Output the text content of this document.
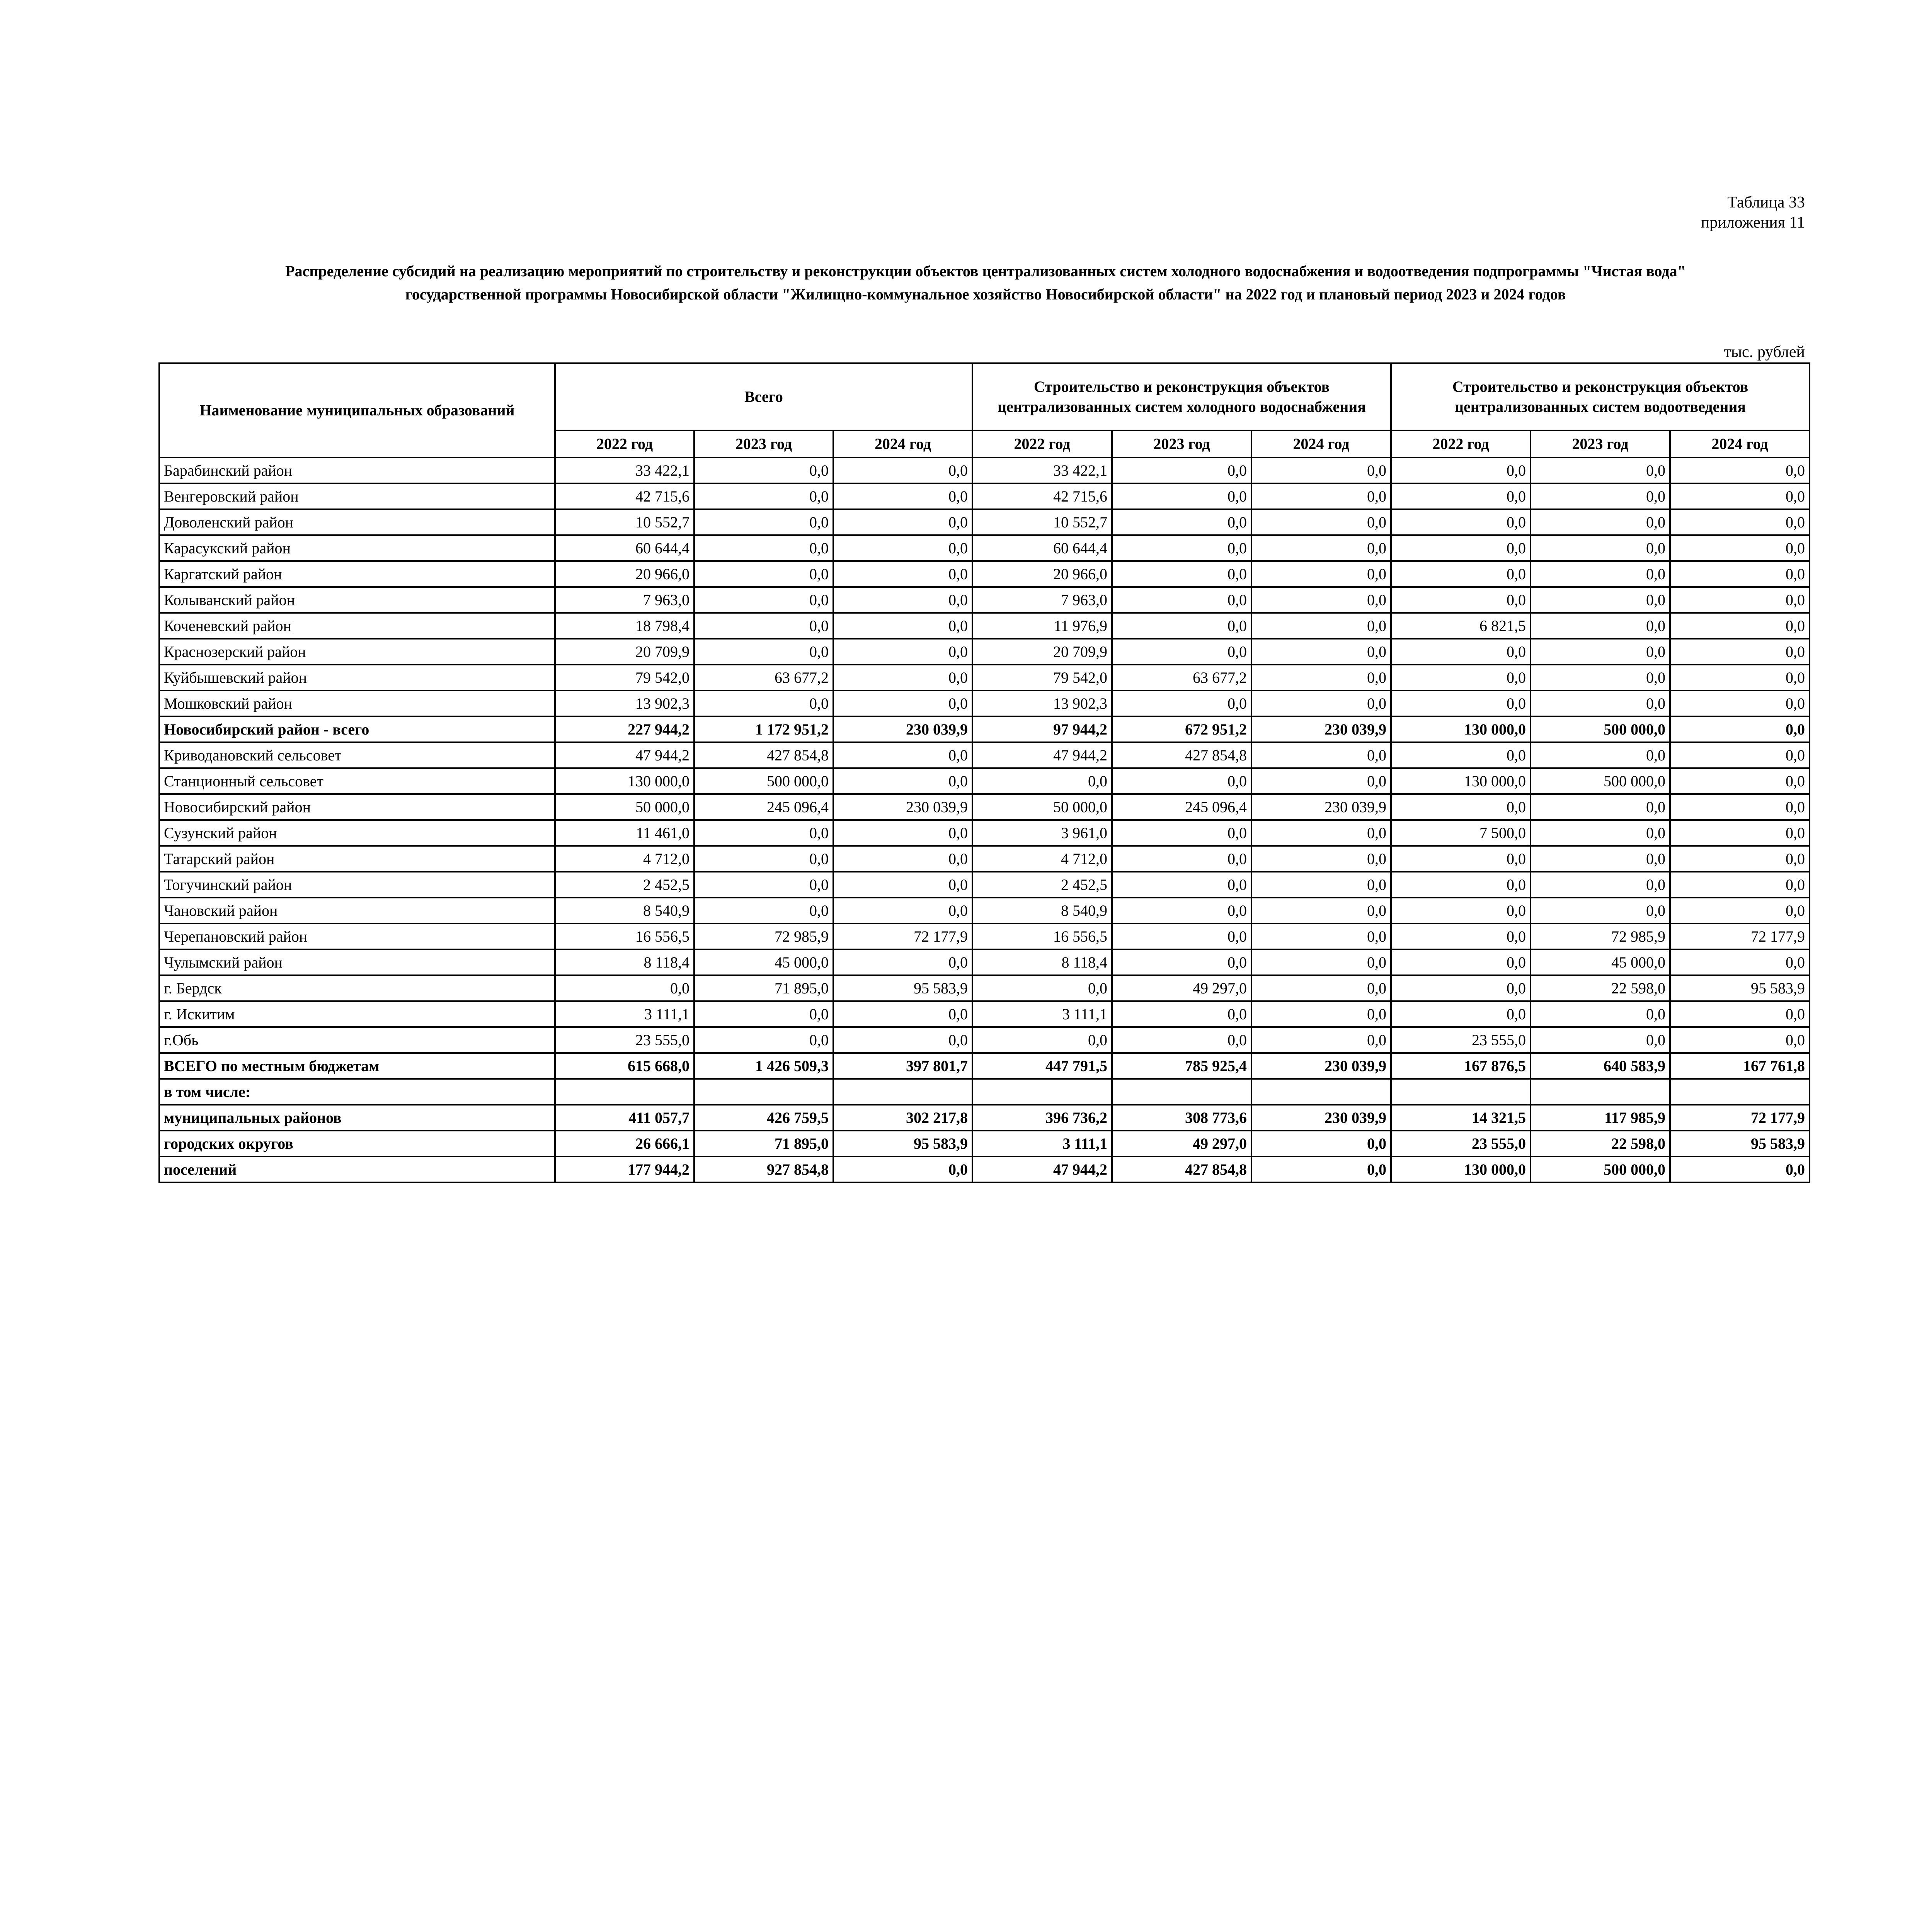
Таблица 33
приложения 11
Распределение субсидий на реализацию мероприятий по строительству и реконструкции объектов централизованных систем холодного водоснабжения и водоотведения подпрограммы "Чистая вода"
государственной программы Новосибирской области "Жилищно-коммунальное хозяйство Новосибирской области" на 2022 год и плановый период 2023 и 2024 годов
тыс. рублей
Наименование муниципальных образований	Всего			Строительство и реконструкция объектов централизованных систем холодного водоснабжения			Строительство и реконструкция объектов централизованных систем водоотведения		
	2022 год	2023 год	2024 год	2022 год	2023 год	2024 год	2022 год	2023 год	2024 год
Барабинский район	33 422,1	0,0	0,0	33 422,1	0,0	0,0	0,0	0,0	0,0
Венгеровский район	42 715,6	0,0	0,0	42 715,6	0,0	0,0	0,0	0,0	0,0
Доволенский район	10 552,7	0,0	0,0	10 552,7	0,0	0,0	0,0	0,0	0,0
Карасукский район	60 644,4	0,0	0,0	60 644,4	0,0	0,0	0,0	0,0	0,0
Каргатский район	20 966,0	0,0	0,0	20 966,0	0,0	0,0	0,0	0,0	0,0
Колыванский район	7 963,0	0,0	0,0	7 963,0	0,0	0,0	0,0	0,0	0,0
Коченевский район	18 798,4	0,0	0,0	11 976,9	0,0	0,0	6 821,5	0,0	0,0
Краснозерский район	20 709,9	0,0	0,0	20 709,9	0,0	0,0	0,0	0,0	0,0
Куйбышевский район	79 542,0	63 677,2	0,0	79 542,0	63 677,2	0,0	0,0	0,0	0,0
Мошковский район	13 902,3	0,0	0,0	13 902,3	0,0	0,0	0,0	0,0	0,0
Новосибирский район - всего	227 944,2	1 172 951,2	230 039,9	97 944,2	672 951,2	230 039,9	130 000,0	500 000,0	0,0
Криводановский сельсовет	47 944,2	427 854,8	0,0	47 944,2	427 854,8	0,0	0,0	0,0	0,0
Станционный сельсовет	130 000,0	500 000,0	0,0	0,0	0,0	0,0	130 000,0	500 000,0	0,0
Новосибирский район	50 000,0	245 096,4	230 039,9	50 000,0	245 096,4	230 039,9	0,0	0,0	0,0
Сузунский район	11 461,0	0,0	0,0	3 961,0	0,0	0,0	7 500,0	0,0	0,0
Татарский район	4 712,0	0,0	0,0	4 712,0	0,0	0,0	0,0	0,0	0,0
Тогучинский район	2 452,5	0,0	0,0	2 452,5	0,0	0,0	0,0	0,0	0,0
Чановский район	8 540,9	0,0	0,0	8 540,9	0,0	0,0	0,0	0,0	0,0
Черепановский район	16 556,5	72 985,9	72 177,9	16 556,5	0,0	0,0	0,0	72 985,9	72 177,9
Чулымский район	8 118,4	45 000,0	0,0	8 118,4	0,0	0,0	0,0	45 000,0	0,0
г. Бердск	0,0	71 895,0	95 583,9	0,0	49 297,0	0,0	0,0	22 598,0	95 583,9
г. Искитим	3 111,1	0,0	0,0	3 111,1	0,0	0,0	0,0	0,0	0,0
г.Обь	23 555,0	0,0	0,0	0,0	0,0	0,0	23 555,0	0,0	0,0
ВСЕГО по местным бюджетам	615 668,0	1 426 509,3	397 801,7	447 791,5	785 925,4	230 039,9	167 876,5	640 583,9	167 761,8
в том числе:									
муниципальных районов	411 057,7	426 759,5	302 217,8	396 736,2	308 773,6	230 039,9	14 321,5	117 985,9	72 177,9
городских округов	26 666,1	71 895,0	95 583,9	3 111,1	49 297,0	0,0	23 555,0	22 598,0	95 583,9
поселений	177 944,2	927 854,8	0,0	47 944,2	427 854,8	0,0	130 000,0	500 000,0	0,0
